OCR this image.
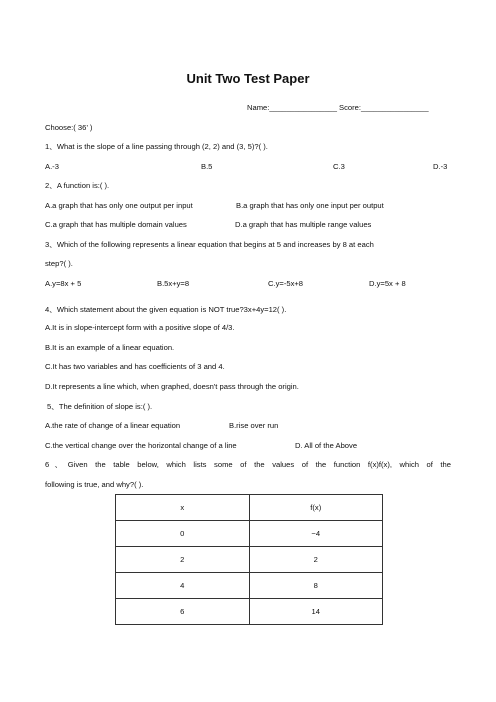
Unit Two Test Paper
Name:________________ Score:________________
Choose:( 36’ )
1、What is the slope of a line passing through (2, 2) and (3, 5)?( ).
A.-3	B.5	C.3	D.-3
2、A function is:( ).
A.a graph that has only one output per input	B.a graph that has only one input per output
C.a graph that has multiple domain values	D.a graph that has multiple range values
3、Which of the following represents a linear equation that begins at 5 and increases by 8 at each
step?( ).
A.y=8x + 5	B.5x+y=8	C.y=-5x+8	D.y=5x + 8
4、Which statement about the given equation is NOT true?3x+4y=12( ).
A.It is in slope-intercept form with a positive slope of 4/3.
B.It is an example of a linear equation.
C.It has two variables and has coefficients of 3 and 4.
D.It represents a line which, when graphed, doesn't pass through the origin.
5、The definition of slope is:( ).
A.the rate of change of a linear equation	B.rise over run
C.the vertical change over the horizontal change of a line	D. All of the Above
6、Given the table below, which lists some of the values of the function f(x)f(x), which of the
following is true, and why?( ).
x	f(x)
0	−4
2	2
4	8
6	14
